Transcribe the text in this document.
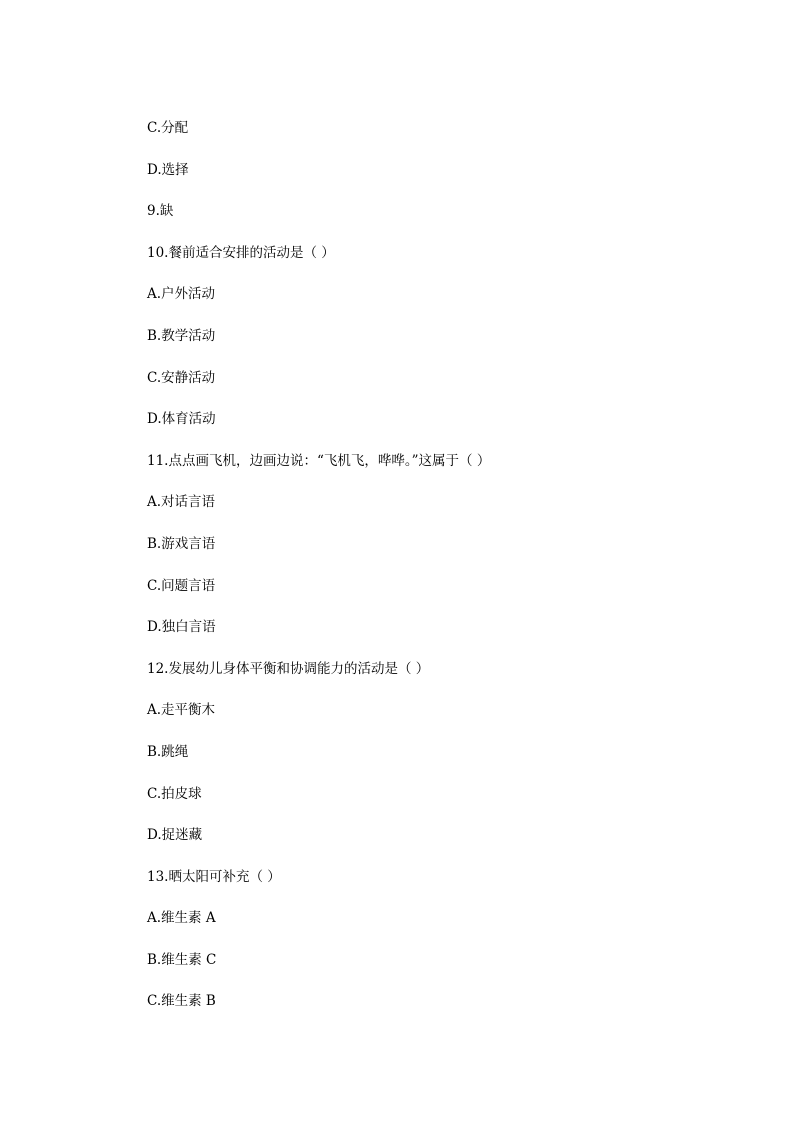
C.分配
D.选择
9.缺
10.餐前适合安排的活动是（ ）
A.户外活动
B.教学活动
C.安静活动
D.体育活动
11.点点画飞机，边画边说：“飞机飞，哗哗。”这属于（ ）
A.对话言语
B.游戏言语
C.问题言语
D.独白言语
12.发展幼儿身体平衡和协调能力的活动是（ ）
A.走平衡木
B.跳绳
C.拍皮球
D.捉迷藏
13.晒太阳可补充（ ）
A.维生素 A
B.维生素 C
C.维生素 B
